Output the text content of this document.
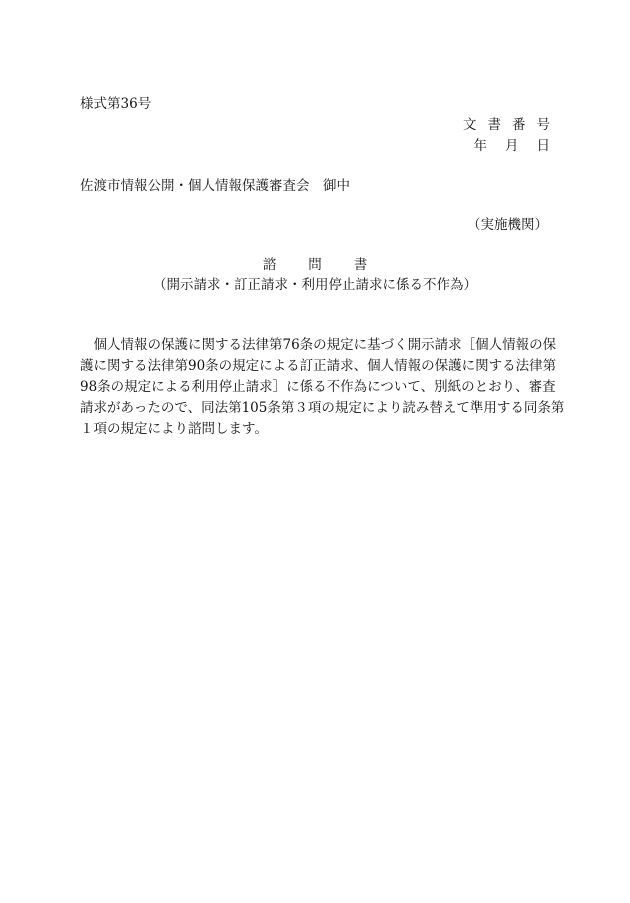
様式第36号
文書番号
年月日
佐渡市情報公開・個人情報保護審査会　御中
（実施機関）
諮問書
（開示請求・訂正請求・利用停止請求に係る不作為）
　個人情報の保護に関する法律第76条の規定に基づく開示請求［個人情報の保
護に関する法律第90条の規定による訂正請求、個人情報の保護に関する法律第
98条の規定による利用停止請求］に係る不作為について、別紙のとおり、審査
請求があったので、同法第105条第３項の規定により読み替えて準用する同条第
１項の規定により諮問します。
